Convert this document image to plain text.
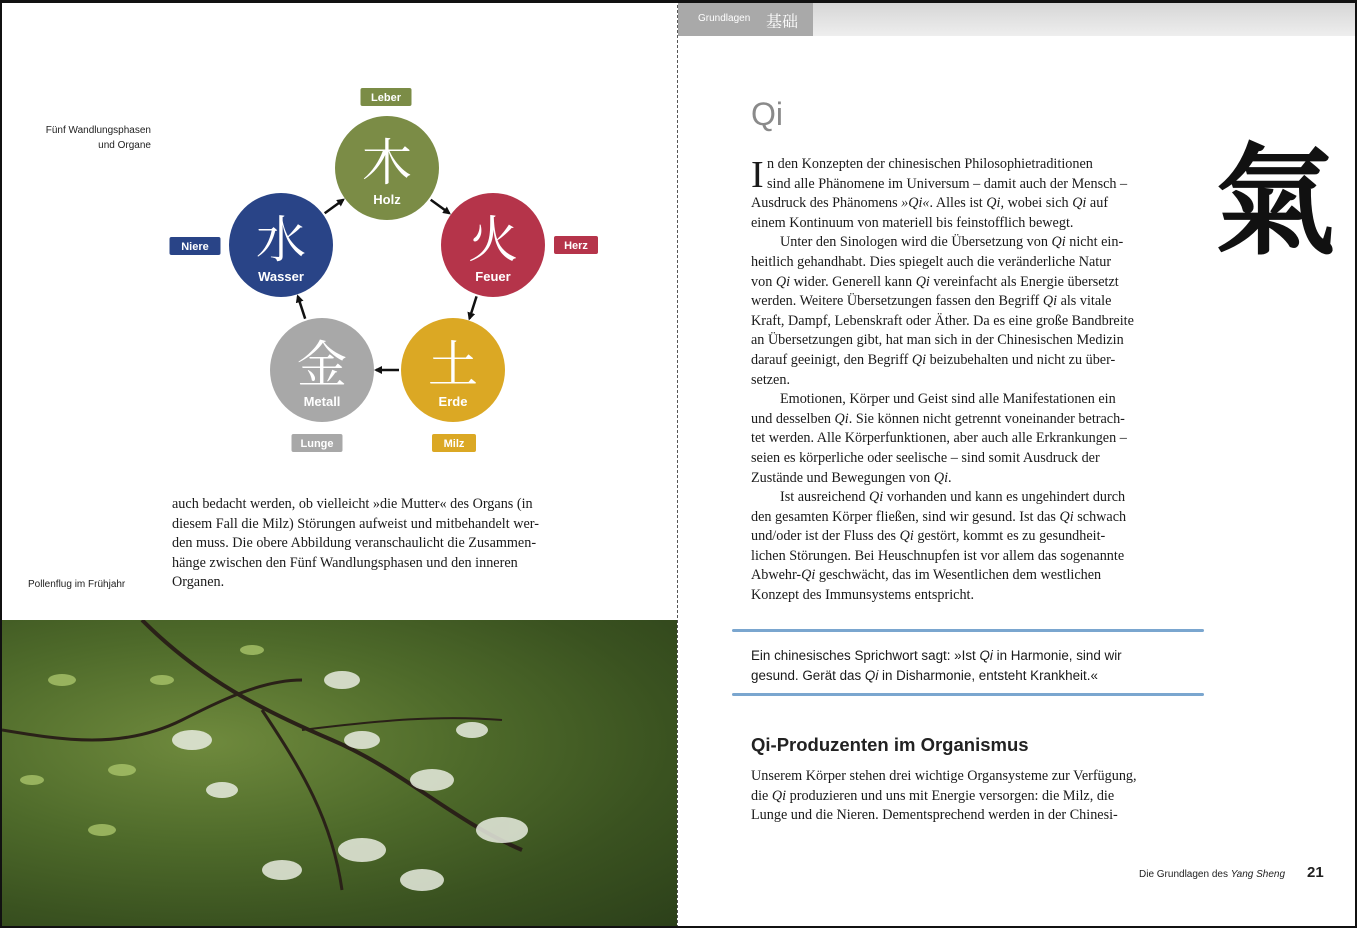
Fünf Wandlungsphasen
und Organe	木
Holz
Leber
火
Feuer
Herz
土
Erde
Milz
金
Metall
Lunge
水
Wasser
Niere
auch bedacht werden, ob vielleicht »die Mutter« des Organs (in
diesem Fall die Milz) Störungen aufweist und mitbehandelt wer-
den muss. Die obere Abbildung veranschaulicht die Zusammen-
hänge zwischen den Fünf Wandlungsphasen und den inneren
Organen.
Pollenflug im Frühjahr
Grundlagen 基础
Qi
氣
I n den Konzepten der chinesischen Philosophietraditionen
sind alle Phänomene im Universum – damit auch der Mensch –
Ausdruck des Phänomens »Qi«. Alles ist Qi, wobei sich Qi auf
einem Kontinuum von materiell bis feinstofflich bewegt.
Unter den Sinologen wird die Übersetzung von Qi nicht ein-
heitlich gehandhabt. Dies spiegelt auch die veränderliche Natur
von Qi wider. Generell kann Qi vereinfacht als Energie übersetzt
werden. Weitere Übersetzungen fassen den Begriff Qi als vitale
Kraft, Dampf, Lebenskraft oder Äther. Da es eine große Bandbreite
an Übersetzungen gibt, hat man sich in der Chinesischen Medizin
darauf geeinigt, den Begriff Qi beizubehalten und nicht zu über-
setzen.
Emotionen, Körper und Geist sind alle Manifestationen ein
und desselben Qi. Sie können nicht getrennt voneinander betrach-
tet werden. Alle Körperfunktionen, aber auch alle Erkrankungen –
seien es körperliche oder seelische – sind somit Ausdruck der
Zustände und Bewegungen von Qi.
Ist ausreichend Qi vorhanden und kann es ungehindert durch
den gesamten Körper fließen, sind wir gesund. Ist das Qi schwach
und/oder ist der Fluss des Qi gestört, kommt es zu gesundheit-
lichen Störungen. Bei Heuschnupfen ist vor allem das sogenannte
Abwehr-Qi geschwächt, das im Wesentlichen dem westlichen
Konzept des Immunsystems entspricht.
Ein chinesisches Sprichwort sagt: »Ist Qi in Harmonie, sind wir
gesund. Gerät das Qi in Disharmonie, entsteht Krankheit.«
Qi-Produzenten im Organismus
Unserem Körper stehen drei wichtige Organsysteme zur Verfügung,
die Qi produzieren und uns mit Energie versorgen: die Milz, die
Lunge und die Nieren. Dementsprechend werden in der Chinesi-
Die Grundlagen des Yang Sheng	21
